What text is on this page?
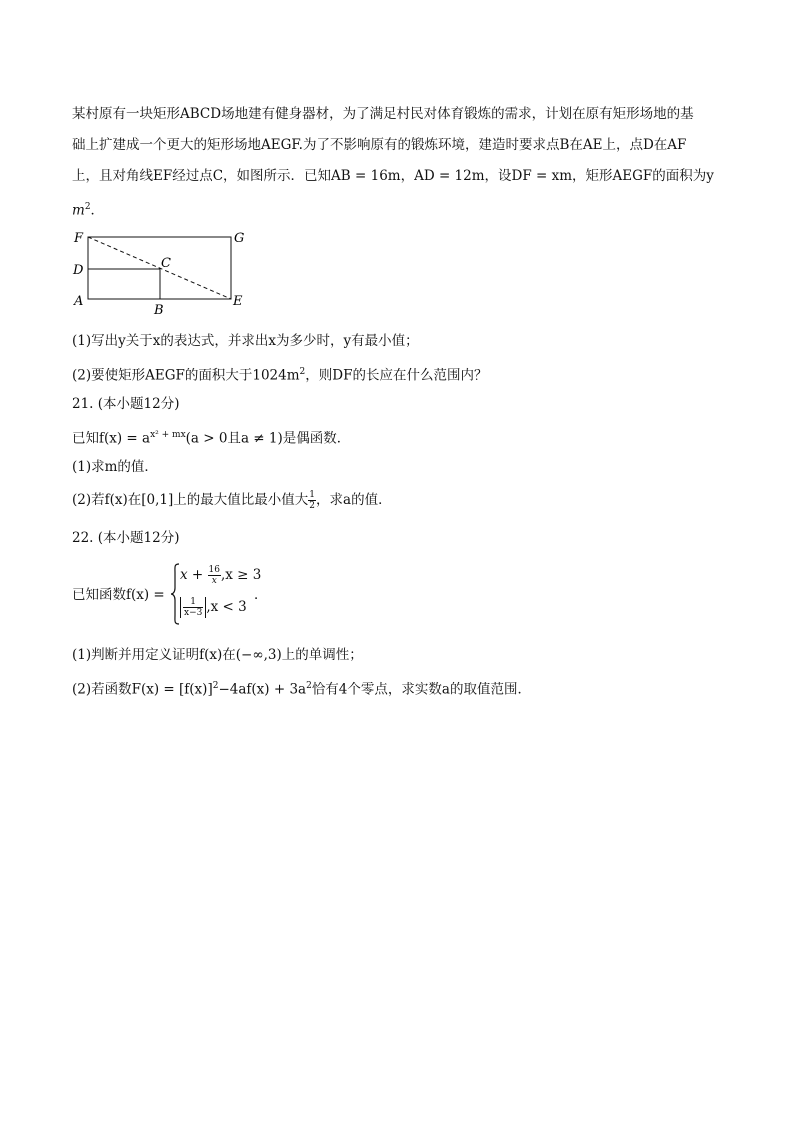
某村原有一块矩形ABCD场地建有健身器材，为了满足村民对体育锻炼的需求，计划在原有矩形场地的基
础上扩建成一个更大的矩形场地AEGF.为了不影响原有的锻炼环境，建造时要求点B在AE上，点D在AF
上，且对角线EF经过点C，如图所示．已知AB = 16m，AD = 12m，设DF = xm，矩形AEGF的面积为y
$m^2$．
F	G
D	C
A
B
E
(1)写出y关于x的表达式，并求出x为多少时，y有最小值；
(2)要使矩形AEGF的面积大于$1024m^2$，则DF的长应在什么范围内？
21. (本小题12分)
已知$f(x) = a^{x^2 + mx}(a > 0$且a ≠ 1)是偶函数．
(1)求m的值．
(2)若f(x)在[0,1]上的最大值比最小值大 $\frac{1}{2}$ ，求a的值．
22. (本小题12分)
已知函数f(x) =
$x + \frac{16}{x} ,x \ge 3$
$\frac{1}{x-3} ,x < 3$
．
(1)判断并用定义证明f(x)在(−∞,3)上的单调性；
(2)若函数$F(x) = [f(x)]^2-4af(x) + 3a^2$恰有4个零点，求实数a的取值范围．
